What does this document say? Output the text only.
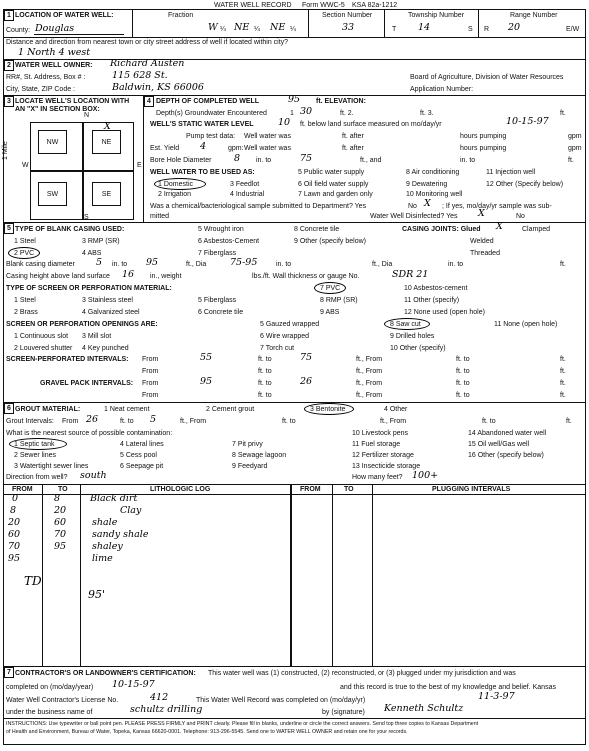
WATER WELL RECORD Form WWC-5 KSA 82a-1212
1 LOCATION OF WATER WELL:
County: Douglas
Fraction
W ¼ NE ¼ NE ¼
Section Number
33
Township Number
T 14	S
Range Number
R 20	E/W
Distance and direction from nearest town or city street address of well if located within city?
1 North 4 west
2 WATER WELL OWNER: Richard Austen
RR#, St. Address, Box # :	115 628 St.
City, State, ZIP Code :	Baldwin, KS 66006
Board of Agriculture, Division of Water Resources
Application Number:
3 LOCATE WELL'S LOCATION WITH
AN "X" IN SECTION BOX:
N
S
W	E
1 Mile	NW	NE
SW	SE
X
4 DEPTH OF COMPLETED WELL	95 ft. ELEVATION:
Depth(s) Groundwater Encountered	1 30	ft. 2.	ft. 3.	ft.
WELL'S STATIC WATER LEVEL	10 ft. below land surface measured on mo/day/yr	10-15-97
Pump test data: Well water was	ft. after	hours pumping	gpm
Est. Yield 4	gpm: Well water was	ft. after	hours pumping	gpm
Bore Hole Diameter 8 in. to	75	ft., and	in. to	ft.
WELL WATER TO BE USED AS:
1 Domestic	3 Feedlot
5 Public water supply	8 Air conditioning	11 Injection well
2 Irrigation	4 Industrial
6 Oil field water supply	9 Dewatering	12 Other (Specify below)
7 Lawn and garden only	10 Monitoring well
Was a chemical/bacteriological sample submitted to Department? Yes	No X ; If yes, mo/day/yr sample was sub-
mitted	Water Well Disinfected? Yes X	No
5 TYPE OF BLANK CASING USED:
1 Steel	3 RMP (SR)
5 Wrought iron
6 Asbestos-Cement
7 Fiberglass
8 Concrete tile
9 Other (specify below)
2 PVC	4 ABS
CASING JOINTS: Glued X	Clamped
Welded
Threaded
Blank casing diameter 5 in. to 95	ft., Dia	75-95	in. to	ft., Dia	in. to	ft.
Casing height above land surface 16 in., weight	lbs./ft. Wall thickness or gauge No.	SDR 21
TYPE OF SCREEN OR PERFORATION MATERIAL:
1 Steel	3 Stainless steel	5 Fiberglass
7 PVC	10 Asbestos-cement
2 Brass	4 Galvanized steel	6 Concrete tile
8 RMP (SR)
9 ABS
11 Other (specify)
12 None used (open hole)
SCREEN OR PERFORATION OPENINGS ARE:
1 Continuous slot 3 Mill slot
5 Gauzed wrapped
6 Wire wrapped
7 Torch cut
8 Saw cut
9 Drilled holes
10 Other (specify)
11 None (open hole)
2 Louvered shutter 4 Key punched
SCREEN-PERFORATED INTERVALS: From	55	ft. to	75	ft., From	ft. to	ft.
From	ft. to	ft., From	ft. to	ft.
GRAVEL PACK INTERVALS: From	95	ft. to	26	ft., From	ft. to	ft.
From	ft. to	ft., From	ft. to	ft.
6 GROUT MATERIAL:	1 Neat cement	2 Cement grout	3 Bentonite	4 Other
Grout Intervals: From 26	ft. to 5	ft., From	ft. to	ft., From	ft. to	ft.
What is the nearest source of possible contamination:
1 Septic tank	4 Lateral lines	7 Pit privy
10 Livestock pens	14 Abandoned water well
2 Sewer lines	5 Cess pool	8 Sewage lagoon
11 Fuel storage	15 Oil well/Gas well
3 Watertight sewer lines	6 Seepage pit	9 Feedyard
12 Fertilizer storage	16 Other (specify below)
13 Insecticide storage
Direction from well? south	How many feet? 100+
FROM	TO	LITHOLOGIC LOG	FROM	TO	PLUGGING INTERVALS
0	8	Black dirt
8	20	Clay
20	60	shale
60	70	sandy shale
70	95	shaley
95	lime
TD
95'
7 CONTRACTOR'S OR LANDOWNER'S CERTIFICATION: This water well was (1) constructed, (2) reconstructed, or (3) plugged under my jurisdiction and was
completed on (mo/day/year) 10-15-97	and this record is true to the best of my knowledge and belief. Kansas
Water Well Contractor's License No.	412	This Water Well Record was completed on (mo/day/yr)	11-3-97
under the business name of	schultz drilling	by (signature) Kenneth Schultz
INSTRUCTIONS: Use typewriter or ball point pen. PLEASE PRESS FIRMLY and PRINT clearly. Please fill in blanks, underline or circle the correct answers. Send top three copies to Kansas Department
of Health and Environment, Bureau of Water, Topeka, Kansas 66620-0001. Telephone: 913-296-5545. Send one to WATER WELL OWNER and retain one for your records.
